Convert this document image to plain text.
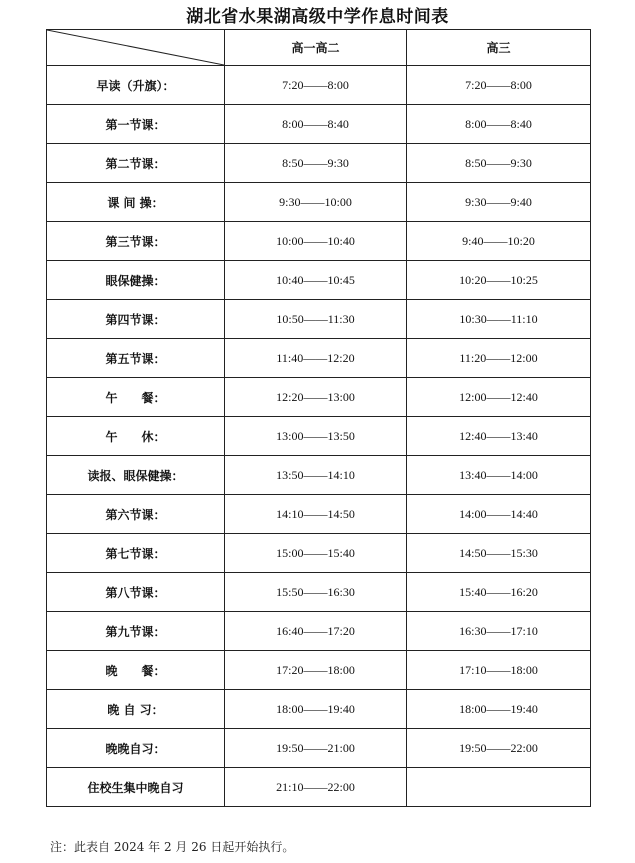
湖北省水果湖高级中学作息时间表
	高一高二	高三
早读（升旗）：	7:20——8:00	7:20——8:00
第一节课：	8:00——8:40	8:00——8:40
第二节课：	8:50——9:30	8:50——9:30
课 间 操：	9:30——10:00	9:30——9:40
第三节课：	10:00——10:40	9:40——10:20
眼保健操：	10:40——10:45	10:20——10:25
第四节课：	10:50——11:30	10:30——11:10
第五节课：	11:40——12:20	11:20——12:00
午　　餐：	12:20——13:00	12:00——12:40
午　　休：	13:00——13:50	12:40——13:40
读报、眼保健操：	13:50——14:10	13:40——14:00
第六节课：	14:10——14:50	14:00——14:40
第七节课：	15:00——15:40	14:50——15:30
第八节课：	15:50——16:30	15:40——16:20
第九节课：	16:40——17:20	16:30——17:10
晚　　餐：	17:20——18:00	17:10——18:00
晚 自 习：	18:00——19:40	18:00——19:40
晚晚自习：	19:50——21:00	19:50——22:00
住校生集中晚自习	21:10——22:00	
注：此表自 2024 年 2 月 26 日起开始执行。
